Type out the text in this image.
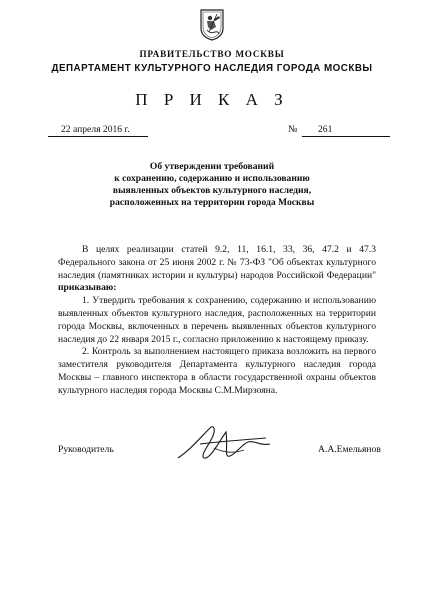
ПРАВИТЕЛЬСТВО МОСКВЫ
ДЕПАРТАМЕНТ КУЛЬТУРНОГО НАСЛЕДИЯ ГОРОДА МОСКВЫ
П Р И К А З
22 апреля 2016 г.	№ 261
Об утверждении требований
к сохранению, содержанию и использованию
выявленных объектов культурного наследия,
расположенных на территории города Москвы

В целях реализации статей 9.2, 11, 16.1, 33, 36, 47.2 и 47.3 Федерального закона от 25 июня 2002 г. № 73-ФЗ "Об объектах культурного наследия (памятниках истории и культуры) народов Российской Федерации" приказываю:

1. Утвердить требования к сохранению, содержанию и использованию выявленных объектов культурного наследия, расположенных на территории города Москвы, включенных в перечень выявленных объектов культурного наследия до 22 января 2015 г., согласно приложению к настоящему приказу.

2. Контроль за выполнением настоящего приказа возложить на первого заместителя руководителя Департамента культурного наследия города Москвы – главного инспектора в области государственной охраны объектов культурного наследия города Москвы С.М.Мирзояна.

Руководитель	А.А.Емельянов
